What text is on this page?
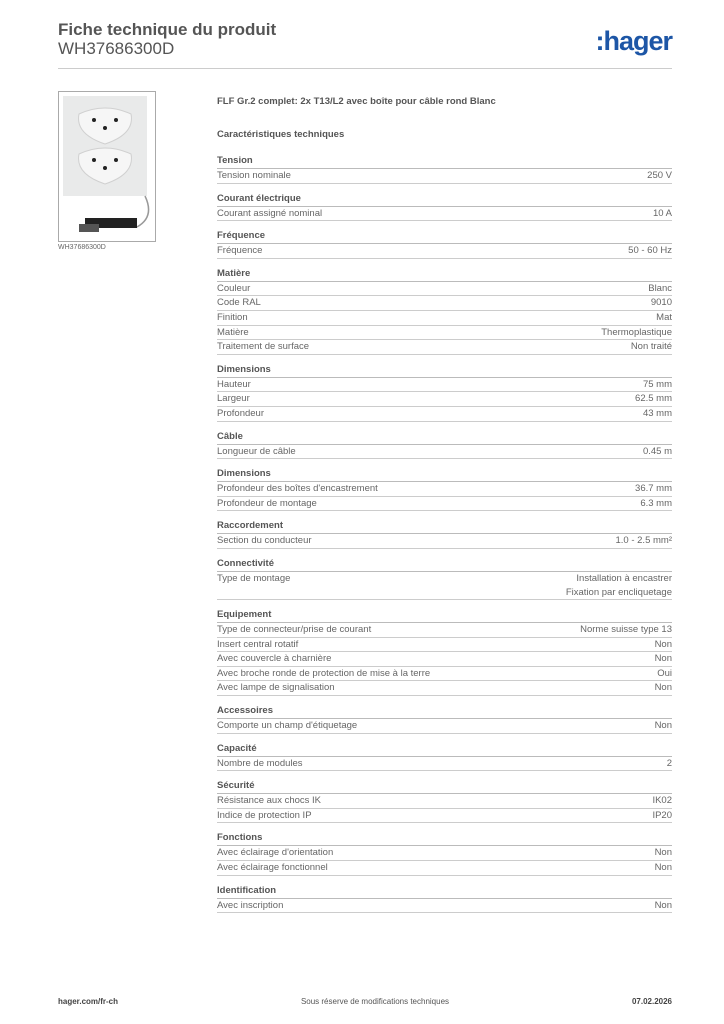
Fiche technique du produit
WH37686300D	:hager
WH37686300D
FLF Gr.2 complet: 2x T13/L2 avec boîte pour câble rond Blanc
Caractéristiques techniques
Tension
Tension nominale	250 V
Courant électrique
Courant assigné nominal	10 A
Fréquence
Fréquence	50 - 60 Hz
Matière
Couleur	Blanc
Code RAL	9010
Finition	Mat
Matière	Thermoplastique
Traitement de surface	Non traité
Dimensions
Hauteur	75 mm
Largeur	62.5 mm
Profondeur	43 mm
Câble
Longueur de câble	0.45 m
Dimensions
Profondeur des boîtes d'encastrement	36.7 mm
Profondeur de montage	6.3 mm
Raccordement
Section du conducteur	1.0 - 2.5 mm²
Connectivité
Type de montage	Installation à encastrer
Fixation par encliquetage
Equipement
Type de connecteur/prise de courant	Norme suisse type 13
Insert central rotatif	Non
Avec couvercle à charnière	Non
Avec broche ronde de protection de mise à la terre	Oui
Avec lampe de signalisation	Non
Accessoires
Comporte un champ d'étiquetage	Non
Capacité
Nombre de modules	2
Sécurité
Résistance aux chocs IK	IK02
Indice de protection IP	IP20
Fonctions
Avec éclairage d'orientation	Non
Avec éclairage fonctionnel	Non
Identification
Avec inscription	Non
hager.com/fr-ch	Sous réserve de modifications techniques	07.02.2026
